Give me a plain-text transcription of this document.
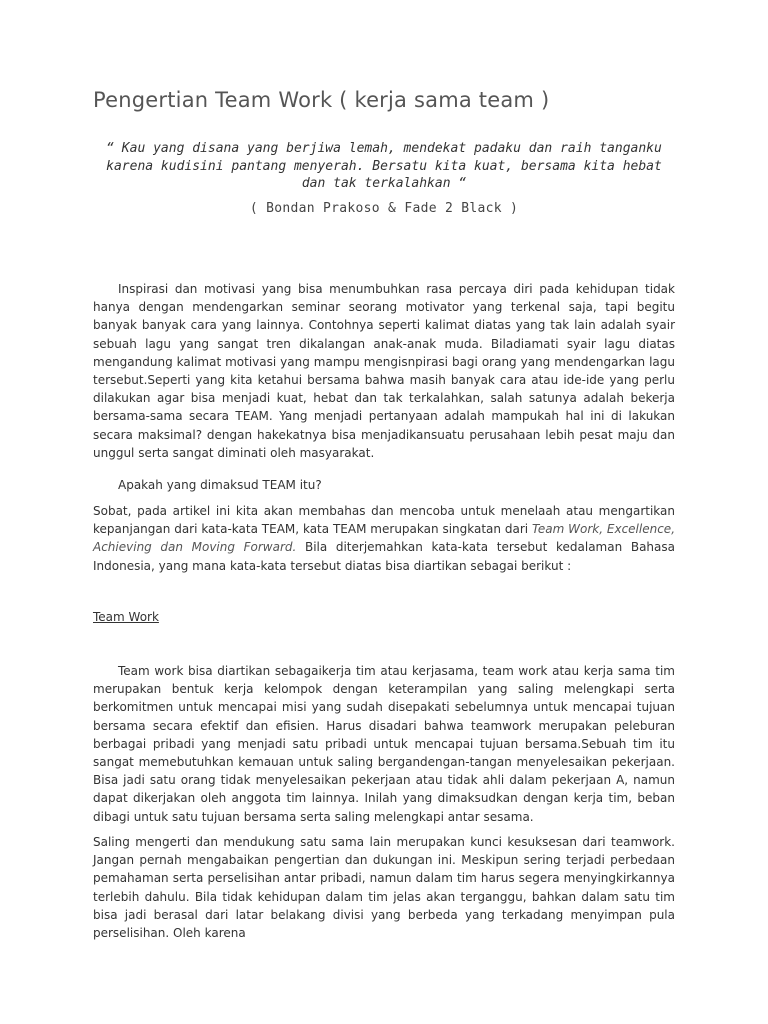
Pengertian Team Work ( kerja sama team )
“ Kau yang disana yang berjiwa lemah, mendekat padaku dan raih tanganku karena kudisini pantang menyerah. Bersatu kita kuat, bersama kita hebat dan tak terkalahkan “
( Bondan Prakoso & Fade 2 Black )
Inspirasi dan motivasi yang bisa menumbuhkan rasa percaya diri pada kehidupan tidak hanya dengan mendengarkan seminar seorang motivator yang terkenal saja, tapi begitu banyak banyak cara yang lainnya. Contohnya seperti kalimat diatas yang tak lain adalah syair sebuah lagu yang sangat tren dikalangan anak-anak muda. Biladiamati syair lagu diatas mengandung kalimat motivasi yang mampu mengisnpirasi bagi orang yang mendengarkan lagu tersebut.Seperti yang kita ketahui bersama bahwa masih banyak cara atau ide-ide yang perlu dilakukan agar bisa menjadi kuat, hebat dan tak terkalahkan, salah satunya adalah bekerja bersama-sama secara TEAM. Yang menjadi pertanyaan adalah mampukah hal ini di lakukan secara maksimal? dengan hakekatnya bisa menjadikansuatu perusahaan lebih pesat maju dan unggul serta sangat diminati oleh masyarakat.
Apakah yang dimaksud TEAM itu?
Sobat, pada artikel ini kita akan membahas dan mencoba untuk menelaah atau mengartikan kepanjangan dari kata-kata TEAM, kata TEAM merupakan singkatan dari Team Work, Excellence, Achieving dan Moving Forward. Bila diterjemahkan kata-kata tersebut kedalaman Bahasa Indonesia, yang mana kata-kata tersebut diatas bisa diartikan sebagai berikut :
Team Work
Team work bisa diartikan sebagaikerja tim atau kerjasama, team work atau kerja sama tim merupakan bentuk kerja kelompok dengan keterampilan yang saling melengkapi serta berkomitmen untuk mencapai misi yang sudah disepakati sebelumnya untuk mencapai tujuan bersama secara efektif dan efisien. Harus disadari bahwa teamwork merupakan peleburan berbagai pribadi yang menjadi satu pribadi untuk mencapai tujuan bersama.Sebuah tim itu sangat memebutuhkan kemauan untuk saling bergandengan-tangan menyelesaikan pekerjaan. Bisa jadi satu orang tidak menyelesaikan pekerjaan atau tidak ahli dalam pekerjaan A, namun dapat dikerjakan oleh anggota tim lainnya. Inilah yang dimaksudkan dengan kerja tim, beban dibagi untuk satu tujuan bersama serta saling melengkapi antar sesama.
Saling mengerti dan mendukung satu sama lain merupakan kunci kesuksesan dari teamwork. Jangan pernah mengabaikan pengertian dan dukungan ini. Meskipun sering terjadi perbedaan pemahaman serta perselisihan antar pribadi, namun dalam tim harus segera menyingkirkannya terlebih dahulu. Bila tidak kehidupan dalam tim jelas akan terganggu, bahkan dalam satu tim bisa jadi berasal dari latar belakang divisi yang berbeda yang terkadang menyimpan pula perselisihan. Oleh karena
